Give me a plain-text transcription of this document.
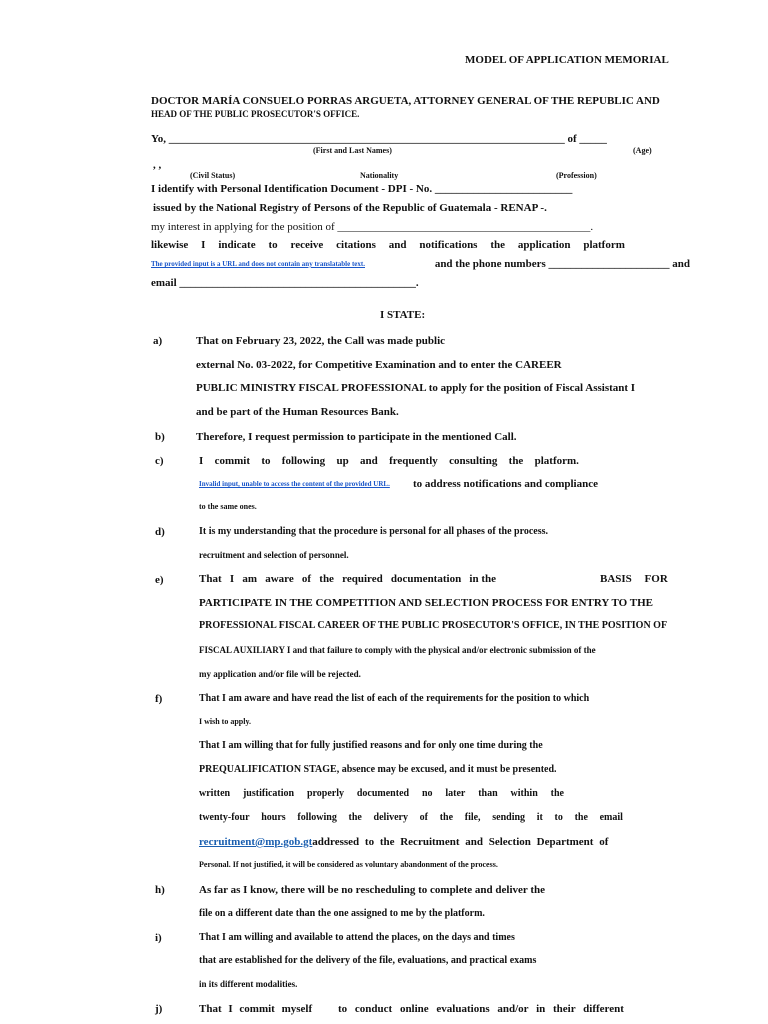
MODEL OF APPLICATION MEMORIAL
DOCTOR MARÍA CONSUELO PORRAS ARGUETA, ATTORNEY GENERAL OF THE REPUBLIC AND
HEAD OF THE PUBLIC PROSECUTOR'S OFFICE.
Yo, ________________________________________________________________________ of _____
(First and Last Names)	(Age)
, ,
(Civil Status)	Nationality	(Profession)
I identify with Personal Identification Document - DPI - No. _________________________
issued by the National Registry of Persons of the Republic of Guatemala - RENAP -.
my interest in applying for the position of ______________________________________________.
likewise I indicate to receive citations and notifications the application platform
The provided input is a URL and does not contain any translatable text.	and the phone numbers ______________________ and
email ___________________________________________.
I STATE:
a)	That on February 23, 2022, the Call was made public
external No. 03-2022, for Competitive Examination and to enter the CAREER
PUBLIC MINISTRY FISCAL PROFESSIONAL to apply for the position of Fiscal Assistant I
and be part of the Human Resources Bank.
b)	Therefore, I request permission to participate in the mentioned Call.
c)	I commit to following up and frequently consulting the platform.
Invalid input, unable to access the content of the provided URL. to address notifications and compliance
to the same ones.
d)	It is my understanding that the procedure is personal for all phases of the process.
recruitment and selection of personnel.
e)	That I am aware of the required documentation in the	BASIS FOR
PARTICIPATE IN THE COMPETITION AND SELECTION PROCESS FOR ENTRY TO THE
PROFESSIONAL FISCAL CAREER OF THE PUBLIC PROSECUTOR'S OFFICE, IN THE POSITION OF
FISCAL AUXILIARY I and that failure to comply with the physical and/or electronic submission of the
my application and/or file will be rejected.
f)	That I am aware and have read the list of each of the requirements for the position to which
I wish to apply.
That I am willing that for fully justified reasons and for only one time during the
PREQUALIFICATION STAGE, absence may be excused, and it must be presented.
written justification properly documented no later than within the
twenty-four hours following the delivery of the file, sending it to the email
recruitment@mp.gob.gtaddressed to the Recruitment and Selection Department of
Personal. If not justified, it will be considered as voluntary abandonment of the process.
h)	As far as I know, there will be no rescheduling to complete and deliver the
file on a different date than the one assigned to me by the platform.
i)	That I am willing and available to attend the places, on the days and times
that are established for the delivery of the file, evaluations, and practical exams
in its different modalities.
j)	That I commit myself to conduct online evaluations and/or in their different
